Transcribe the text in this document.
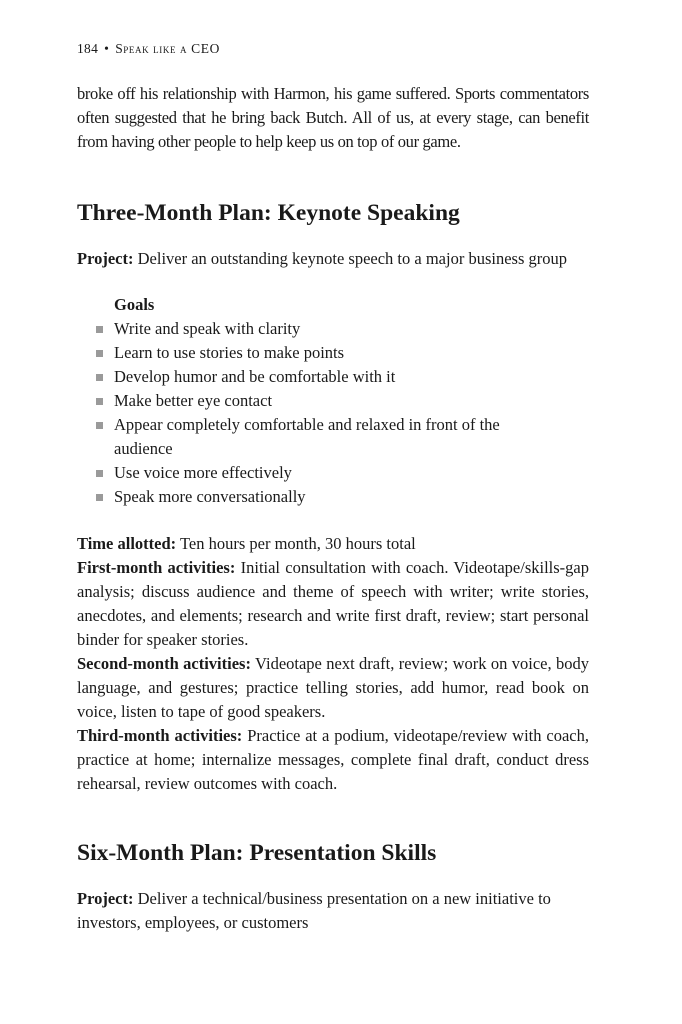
184 • Speak like a CEO

broke off his relationship with Harmon, his game suffered. Sports commentators often suggested that he bring back Butch. All of us, at every stage, can benefit from having other people to help keep us on top of our game.

Three-Month Plan: Keynote Speaking

Project: Deliver an outstanding keynote speech to a major business group

Goals

Write and speak with clarity
Learn to use stories to make points
Develop humor and be comfortable with it
Make better eye contact
Appear completely comfortable and relaxed in front of the audience
Use voice more effectively
Speak more conversationally

Time allotted: Ten hours per month, 30 hours total

First-month activities: Initial consultation with coach. Videotape/skills-gap analysis; discuss audience and theme of speech with writer; write stories, anecdotes, and elements; research and write first draft, review; start personal binder for speaker stories.

Second-month activities: Videotape next draft, review; work on voice, body language, and gestures; practice telling stories, add humor, read book on voice, listen to tape of good speakers.

Third-month activities: Practice at a podium, videotape/review with coach, practice at home; internalize messages, complete final draft, conduct dress rehearsal, review outcomes with coach.

Six-Month Plan: Presentation Skills

Project: Deliver a technical/business presentation on a new initiative to investors, employees, or customers
